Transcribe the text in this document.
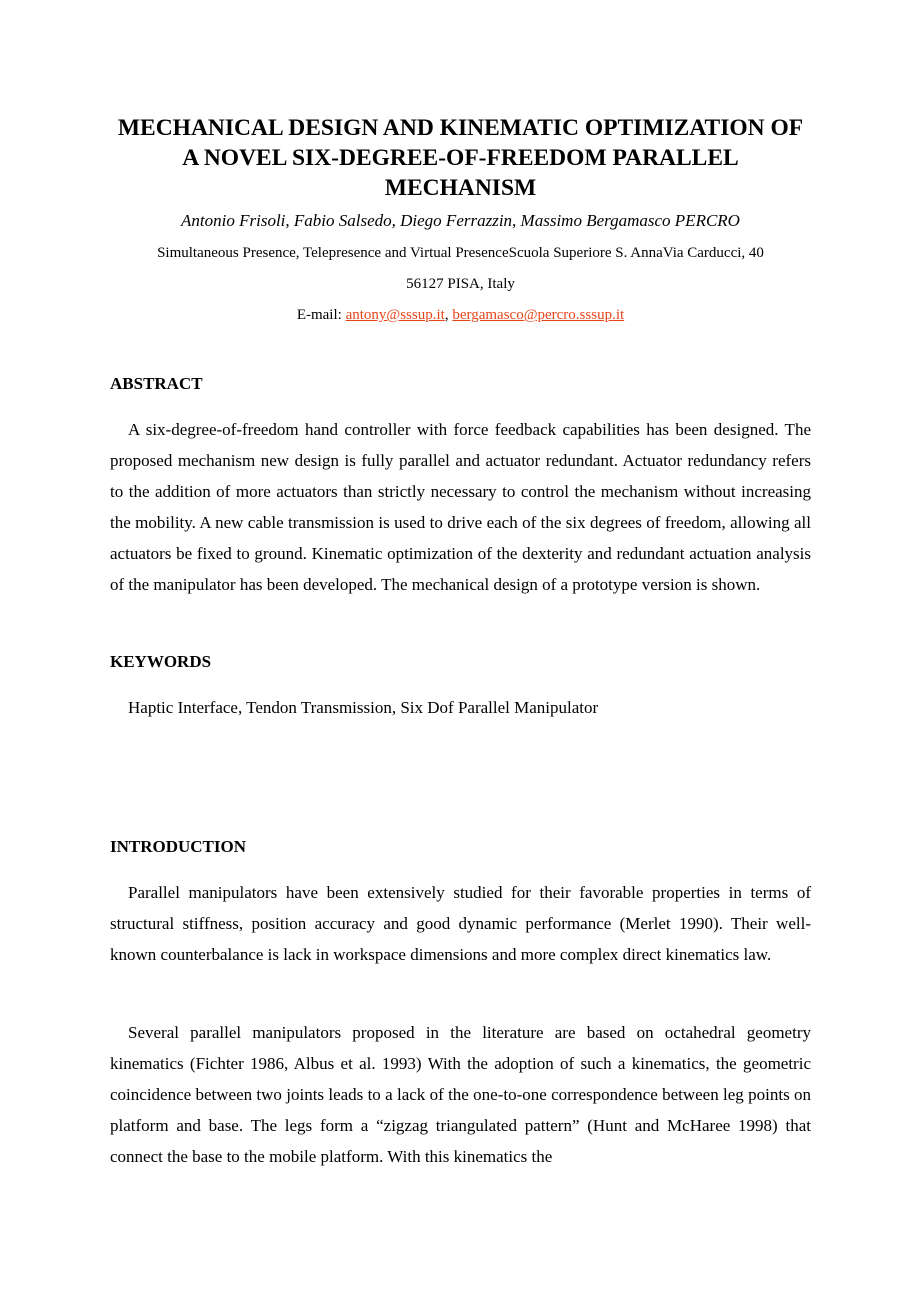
MECHANICAL DESIGN AND KINEMATIC OPTIMIZATION OF A NOVEL SIX-DEGREE-OF-FREEDOM PARALLEL MECHANISM

Antonio Frisoli, Fabio Salsedo, Diego Ferrazzin, Massimo Bergamasco PERCRO

Simultaneous Presence, Telepresence and Virtual PresenceScuola Superiore S. AnnaVia Carducci, 40

56127 PISA, Italy

E-mail: antony@sssup.it, bergamasco@percro.sssup.it

ABSTRACT

A six-degree-of-freedom hand controller with force feedback capabilities has been designed. The proposed mechanism new design is fully parallel and actuator redundant. Actuator redundancy refers to the addition of more actuators than strictly necessary to control the mechanism without increasing the mobility. A new cable transmission is used to drive each of the six degrees of freedom, allowing all actuators be fixed to ground. Kinematic optimization of the dexterity and redundant actuation analysis of the manipulator has been developed. The mechanical design of a prototype version is shown.

KEYWORDS

Haptic Interface, Tendon Transmission, Six Dof Parallel Manipulator

INTRODUCTION

Parallel manipulators have been extensively studied for their favorable properties in terms of structural stiffness, position accuracy and good dynamic performance (Merlet 1990). Their well-known counterbalance is lack in workspace dimensions and more complex direct kinematics law.

Several parallel manipulators proposed in the literature are based on octahedral geometry kinematics (Fichter 1986, Albus et al. 1993) With the adoption of such a kinematics, the geometric coincidence between two joints leads to a lack of the one-to-one correspondence between leg points on platform and base. The legs form a “zigzag triangulated pattern” (Hunt and McHaree 1998) that connect the base to the mobile platform. With this kinematics the
